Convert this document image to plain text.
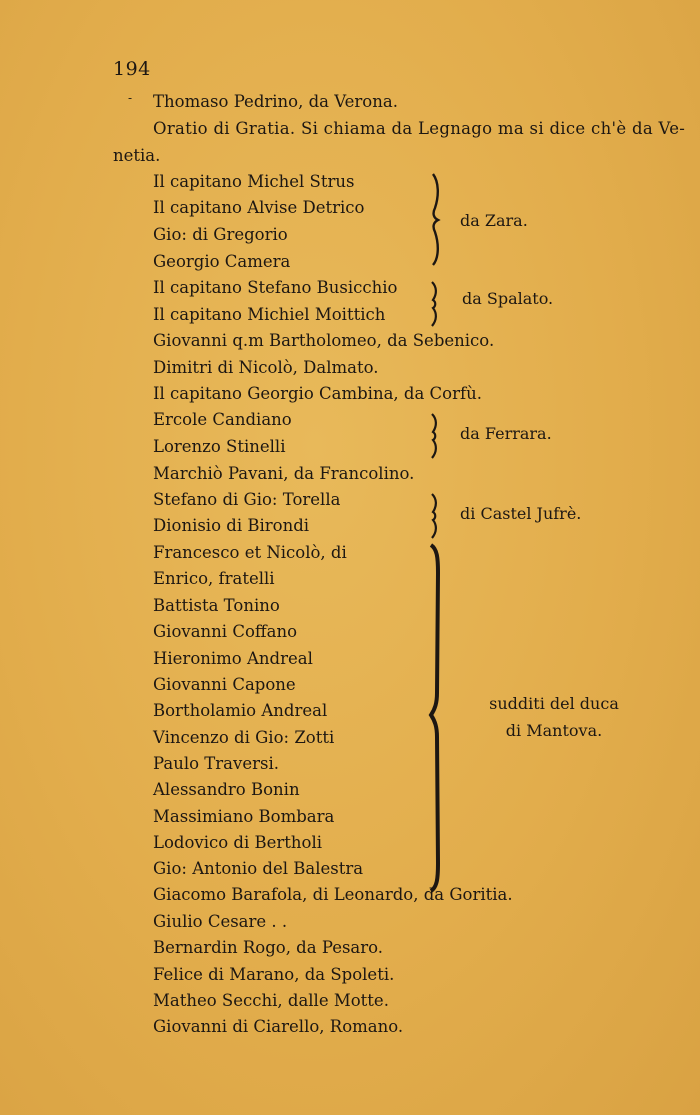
194
- Thomaso Pedrino, da Verona.
Oratio di Gratia. Si chiama da Legnago ma si dice ch'è da Ve-
netia.
Il capitano Michel Strus
Il capitano Alvise Detrico
Gio: di Gregorio
Georgio Camera
Il capitano Stefano Busicchio
Il capitano Michiel Moittich
Giovanni q.m Bartholomeo, da Sebenico.
Dimitri di Nicolò, Dalmato.
Il capitano Georgio Cambina, da Corfù.
Ercole Candiano
Lorenzo Stinelli
Marchiò Pavani, da Francolino.
Stefano di Gio: Torella
Dionisio di Birondi
Francesco et Nicolò, di
Enrico, fratelli
Battista Tonino
Giovanni Coffano
Hieronimo Andreal
Giovanni Capone
Bortholamio Andreal
Vincenzo di Gio: Zotti
Paulo Traversi.
Alessandro Bonin
Massimiano Bombara
Lodovico di Bertholi
Gio: Antonio del Balestra
Giacomo Barafola, di Leonardo, da Goritia.
Giulio Cesare . .
Bernardin Rogo, da Pesaro.
Felice di Marano, da Spoleti.
Matheo Secchi, dalle Motte.
Giovanni di Ciarello, Romano.
da Zara.
da Spalato.
da Ferrara.
di Castel Jufrè.
sudditi del duca
di Mantova.
